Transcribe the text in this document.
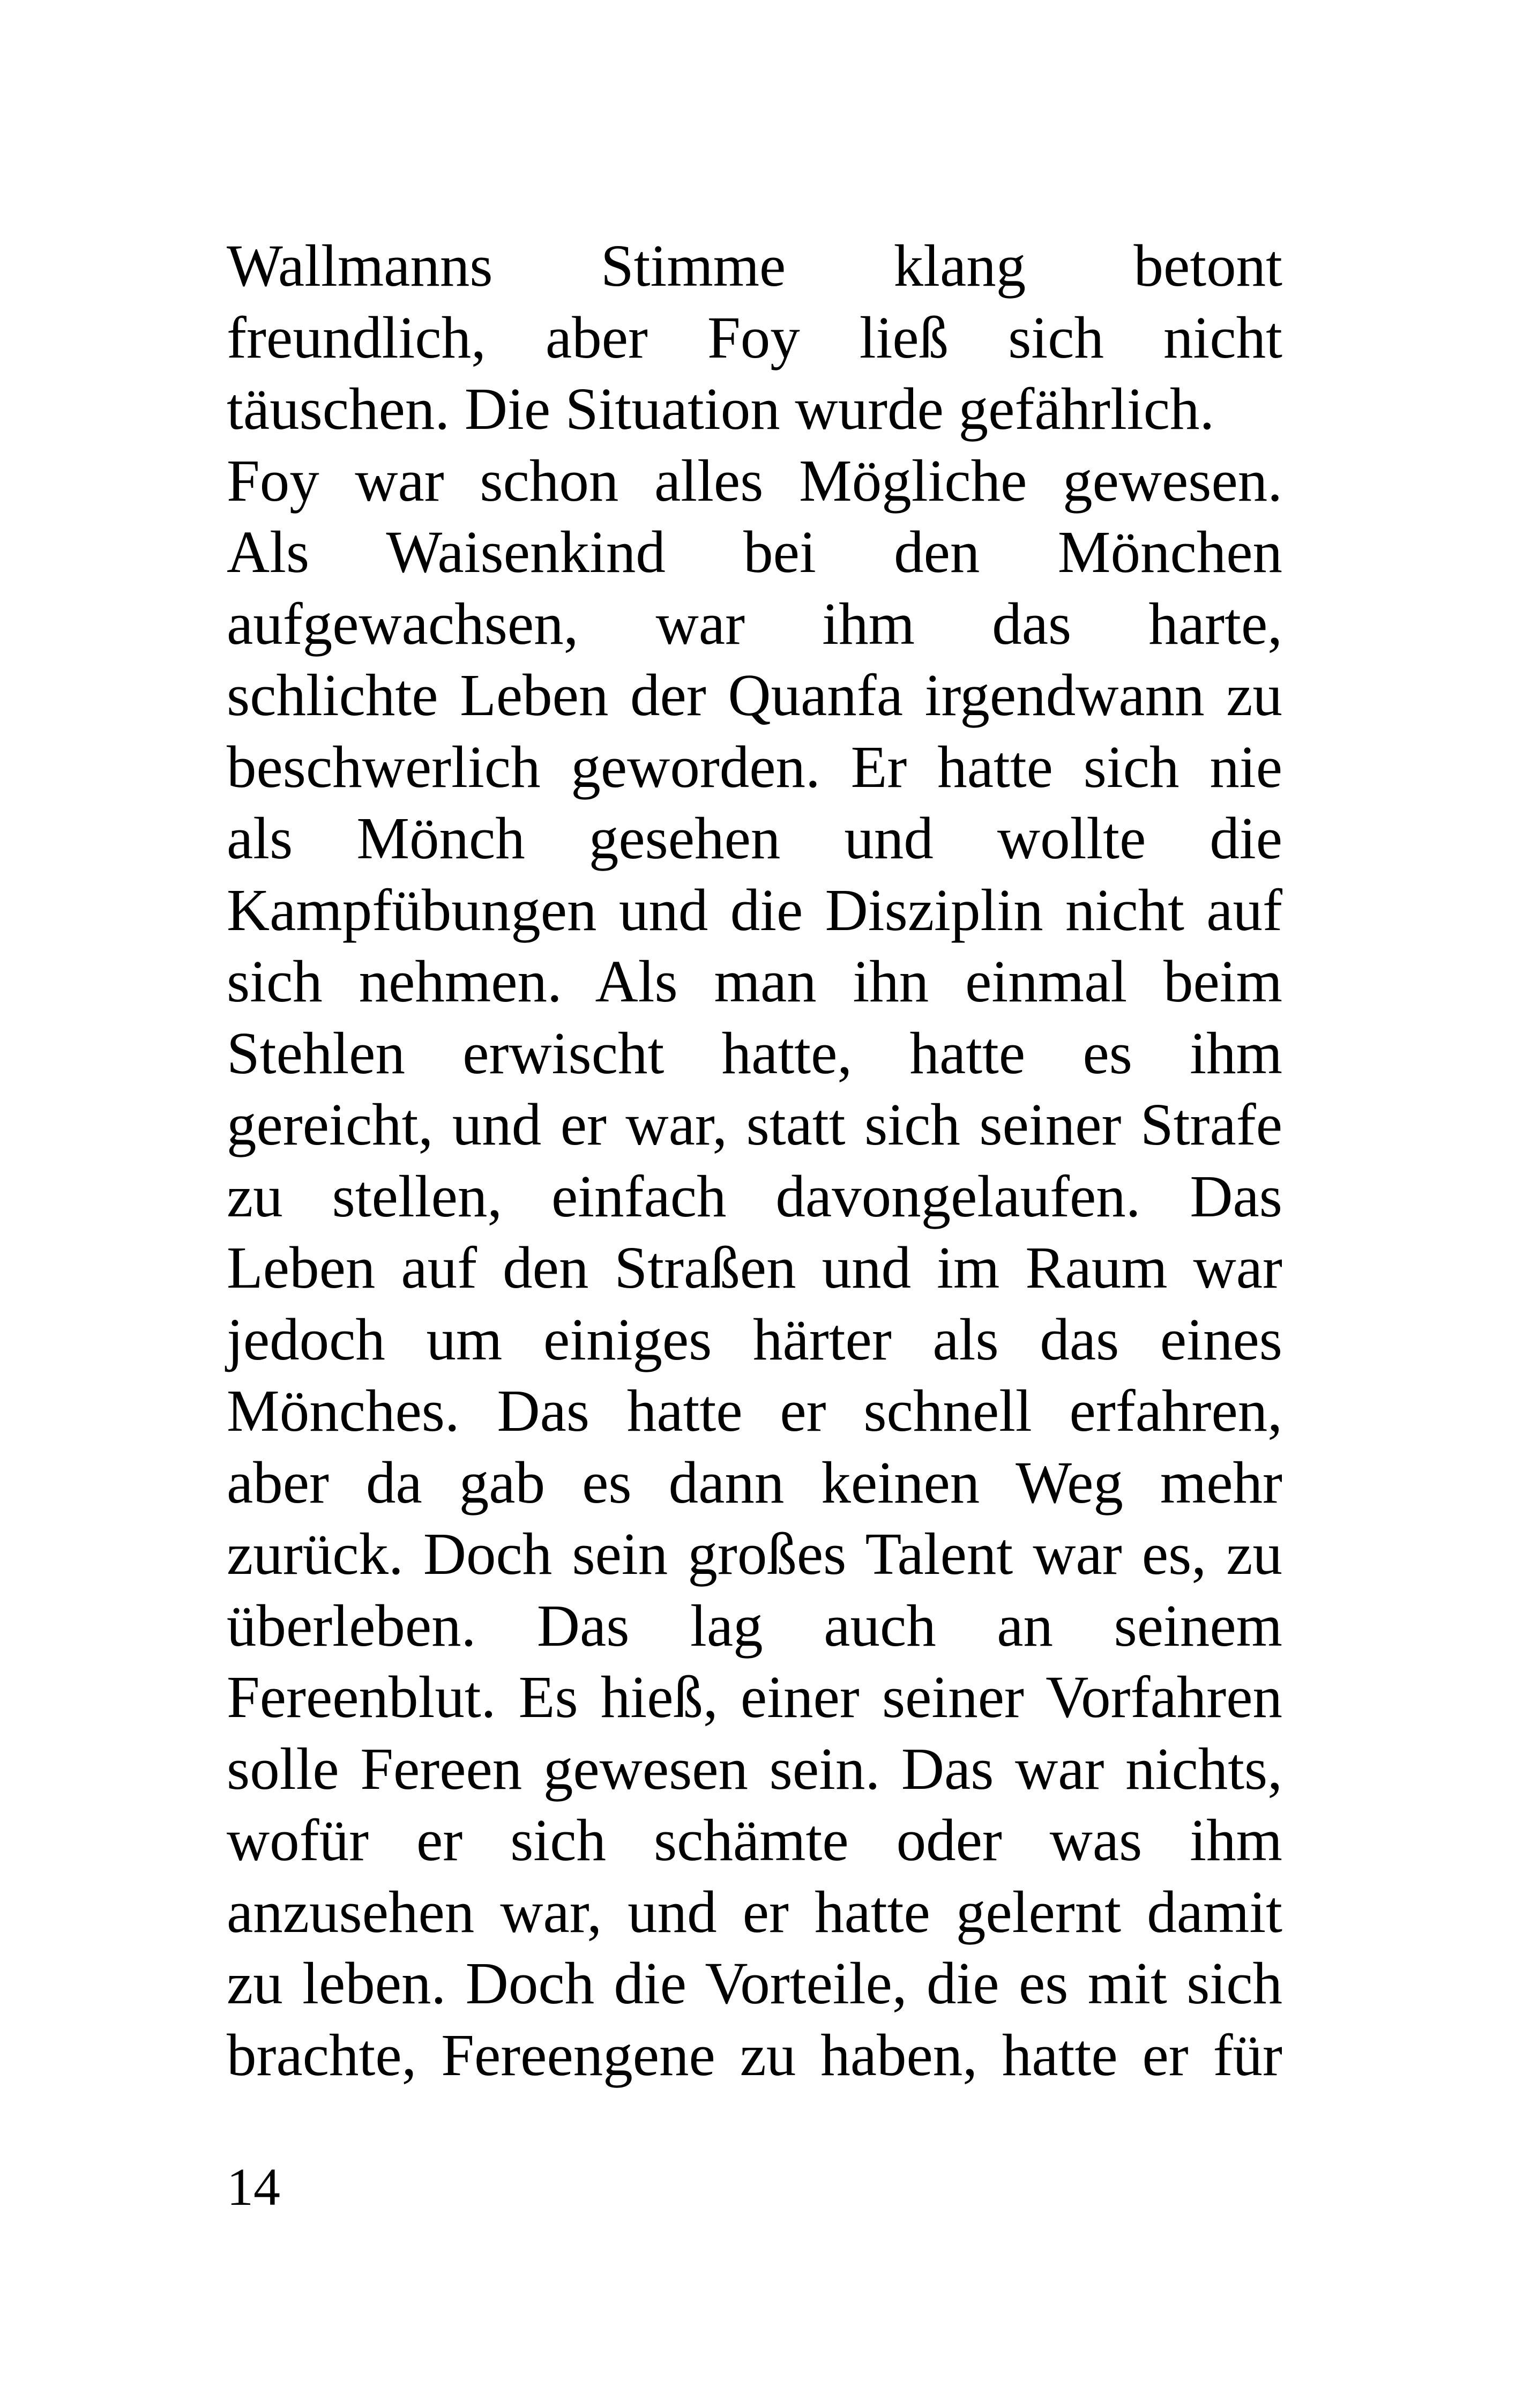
Wallmanns Stimme klang betont
freundlich, aber Foy ließ sich nicht
täuschen. Die Situation wurde gefährlich.
Foy war schon alles Mögliche gewesen.
Als Waisenkind bei den Mönchen
aufgewachsen, war ihm das harte,
schlichte Leben der Quanfa irgendwann zu
beschwerlich geworden. Er hatte sich nie
als Mönch gesehen und wollte die
Kampfübungen und die Disziplin nicht auf
sich nehmen. Als man ihn einmal beim
Stehlen erwischt hatte, hatte es ihm
gereicht, und er war, statt sich seiner Strafe
zu stellen, einfach davongelaufen. Das
Leben auf den Straßen und im Raum war
jedoch um einiges härter als das eines
Mönches. Das hatte er schnell erfahren,
aber da gab es dann keinen Weg mehr
zurück. Doch sein großes Talent war es, zu
überleben. Das lag auch an seinem
Fereenblut. Es hieß, einer seiner Vorfahren
solle Fereen gewesen sein. Das war nichts,
wofür er sich schämte oder was ihm
anzusehen war, und er hatte gelernt damit
zu leben. Doch die Vorteile, die es mit sich
brachte, Fereengene zu haben, hatte er für
14
